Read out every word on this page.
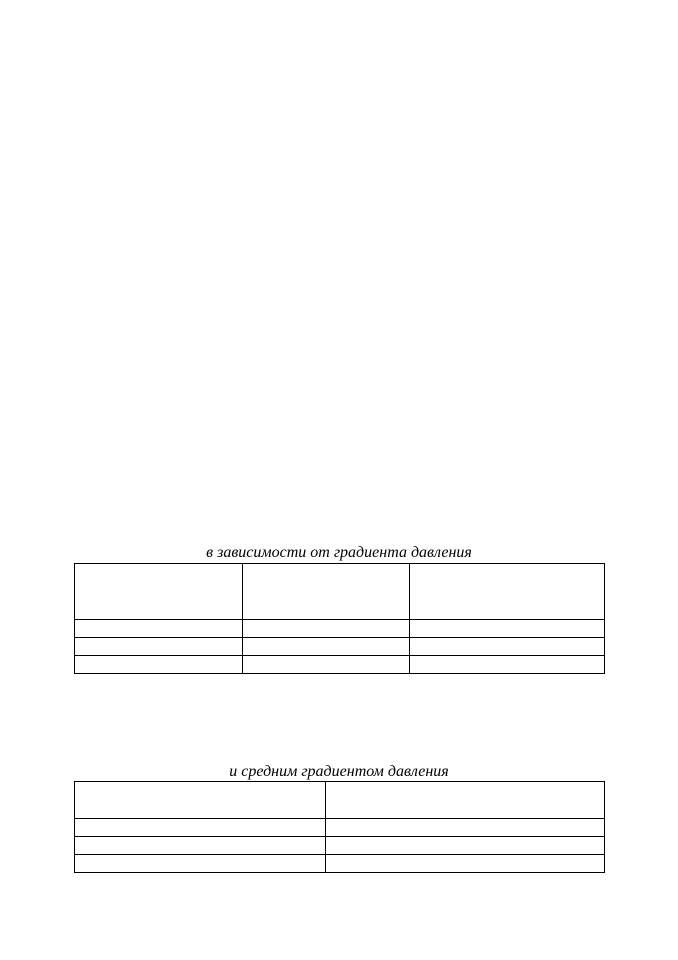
в зависимости от градиента давления

и средним градиентом давления
